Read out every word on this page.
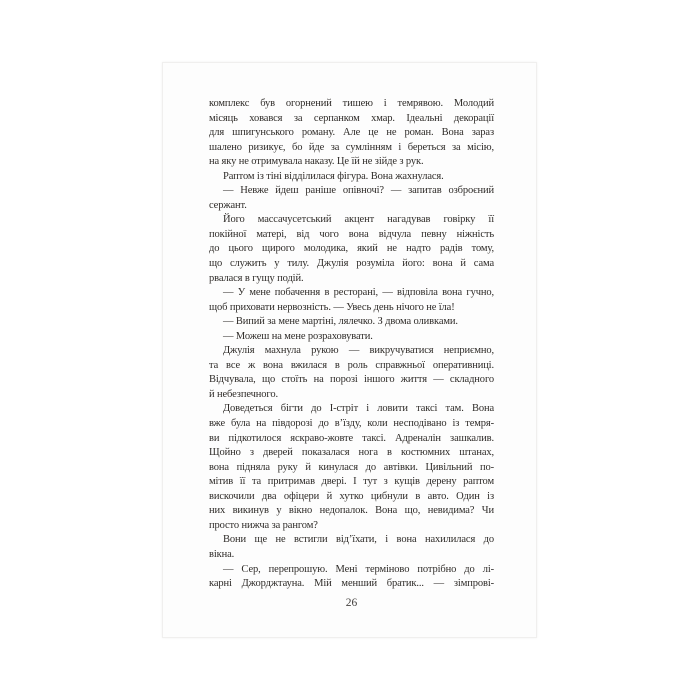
комплекс був огорнений тишею і темрявою. Молодий
місяць ховався за серпанком хмар. Ідеальні декорації
для шпигунського роману. Але це не роман. Вона зараз
шалено ризикує, бо йде за сумлінням і береться за місію,
на яку не отримувала наказу. Це їй не зійде з рук.
Раптом із тіні відділилася фігура. Вона жахнулася.
— Невже йдеш раніше опівночі? — запитав озброєний
сержант.
Його массачусетський акцент нагадував говірку її
покійної матері, від чого вона відчула певну ніжність
до цього щирого молодика, який не надто радів тому,
що служить у тилу. Джулія розуміла його: вона й сама
рвалася в гущу подій.
— У мене побачення в ресторані, — відповіла вона гучно,
щоб приховати нервозність. — Увесь день нічого не їла!
— Випий за мене мартіні, лялечко. З двома оливками.
— Можеш на мене розраховувати.
Джулія махнула рукою — викручуватися неприємно,
та все ж вона вжилася в роль справжньої оперативниці.
Відчувала, що стоїть на порозі іншого життя — складного
й небезпечного.
Доведеться бігти до І-стріт і ловити таксі там. Вона
вже була на півдорозі до в’їзду, коли несподівано із темря-
ви підкотилося яскраво-жовте таксі. Адреналін зашкалив.
Щойно з дверей показалася нога в костюмних штанах,
вона підняла руку й кинулася до автівки. Цивільний по-
мітив її та притримав двері. І тут з кущів дерену раптом
вискочили два офіцери й хутко цибнули в авто. Один із
них викинув у вікно недопалок. Вона що, невидима? Чи
просто нижча за рангом?
Вони ще не встигли від’їхати, і вона нахилилася до
вікна.
— Сер, перепрошую. Мені терміново потрібно до лі-
карні Джорджтауна. Мій менший братик... — зімпрові-
26
